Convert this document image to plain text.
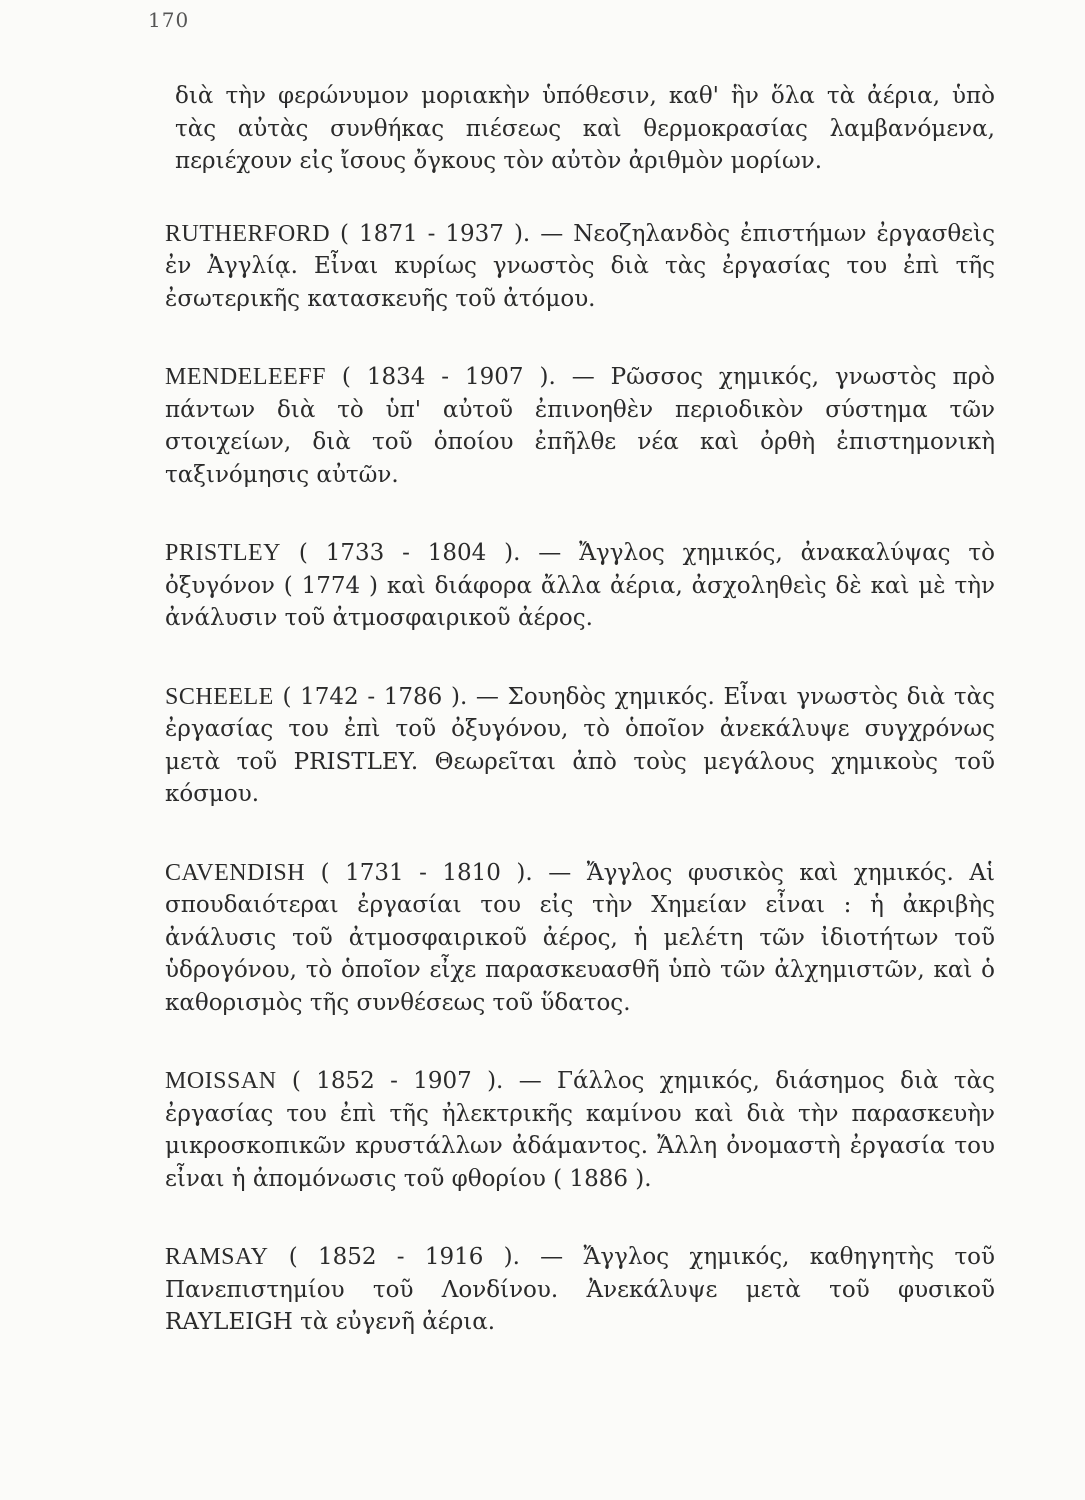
170

διὰ τὴν φερώνυμον μοριακὴν ὑπόθεσιν, καθ' ἣν ὅλα τὰ ἀέρια, ὑπὸ τὰς αὐτὰς συνθήκας πιέσεως καὶ θερμοκρασίας λαμβανόμενα, περιέχουν εἰς ἴσους ὄγκους τὸν αὐτὸν ἀριθμὸν μορίων.

RUTHERFORD ( 1871 - 1937 ). — Νεοζηλανδὸς ἐπιστήμων ἐργασθεὶς ἐν Ἀγγλίᾳ. Εἶναι κυρίως γνωστὸς διὰ τὰς ἐργασίας του ἐπὶ τῆς ἐσωτερικῆς κατασκευῆς τοῦ ἀτόμου.

MENDELEEFF ( 1834 - 1907 ). — Ρῶσσος χημικός, γνωστὸς πρὸ πάντων διὰ τὸ ὑπ' αὐτοῦ ἐπινοηθὲν περιοδικὸν σύστημα τῶν στοιχείων, διὰ τοῦ ὁποίου ἐπῆλθε νέα καὶ ὀρθὴ ἐπιστημονικὴ ταξινόμησις αὐτῶν.

PRISTLEY ( 1733 - 1804 ). — Ἄγγλος χημικός, ἀνακαλύψας τὸ ὀξυγόνον ( 1774 ) καὶ διάφορα ἄλλα ἀέρια, ἀσχοληθεὶς δὲ καὶ μὲ τὴν ἀνάλυσιν τοῦ ἀτμοσφαιρικοῦ ἀέρος.

SCHEELE ( 1742 - 1786 ). — Σουηδὸς χημικός. Εἶναι γνωστὸς διὰ τὰς ἐργασίας του ἐπὶ τοῦ ὀξυγόνου, τὸ ὁποῖον ἀνεκάλυψε συγχρόνως μετὰ τοῦ PRISTLEY. Θεωρεῖται ἀπὸ τοὺς μεγάλους χημικοὺς τοῦ κόσμου.

CAVENDISH ( 1731 - 1810 ). — Ἄγγλος φυσικὸς καὶ χημικός. Αἱ σπουδαιότεραι ἐργασίαι του εἰς τὴν Χημείαν εἶναι : ἡ ἀκριβὴς ἀνάλυσις τοῦ ἀτμοσφαιρικοῦ ἀέρος, ἡ μελέτη τῶν ἰδιοτήτων τοῦ ὑδρογόνου, τὸ ὁποῖον εἶχε παρασκευασθῆ ὑπὸ τῶν ἀλχημιστῶν, καὶ ὁ καθορισμὸς τῆς συνθέσεως τοῦ ὕδατος.

MOISSAN ( 1852 - 1907 ). — Γάλλος χημικός, διάσημος διὰ τὰς ἐργασίας του ἐπὶ τῆς ἠλεκτρικῆς καμίνου καὶ διὰ τὴν παρασκευὴν μικροσκοπικῶν κρυστάλλων ἀδάμαντος. Ἄλλη ὀνομαστὴ ἐργασία του εἶναι ἡ ἀπομόνωσις τοῦ φθορίου ( 1886 ).

RAMSAY ( 1852 - 1916 ). — Ἄγγλος χημικός, καθηγητὴς τοῦ Πανεπιστημίου τοῦ Λονδίνου. Ἀνεκάλυψε μετὰ τοῦ φυσικοῦ RAYLEIGH τὰ εὐγενῆ ἀέρια.
